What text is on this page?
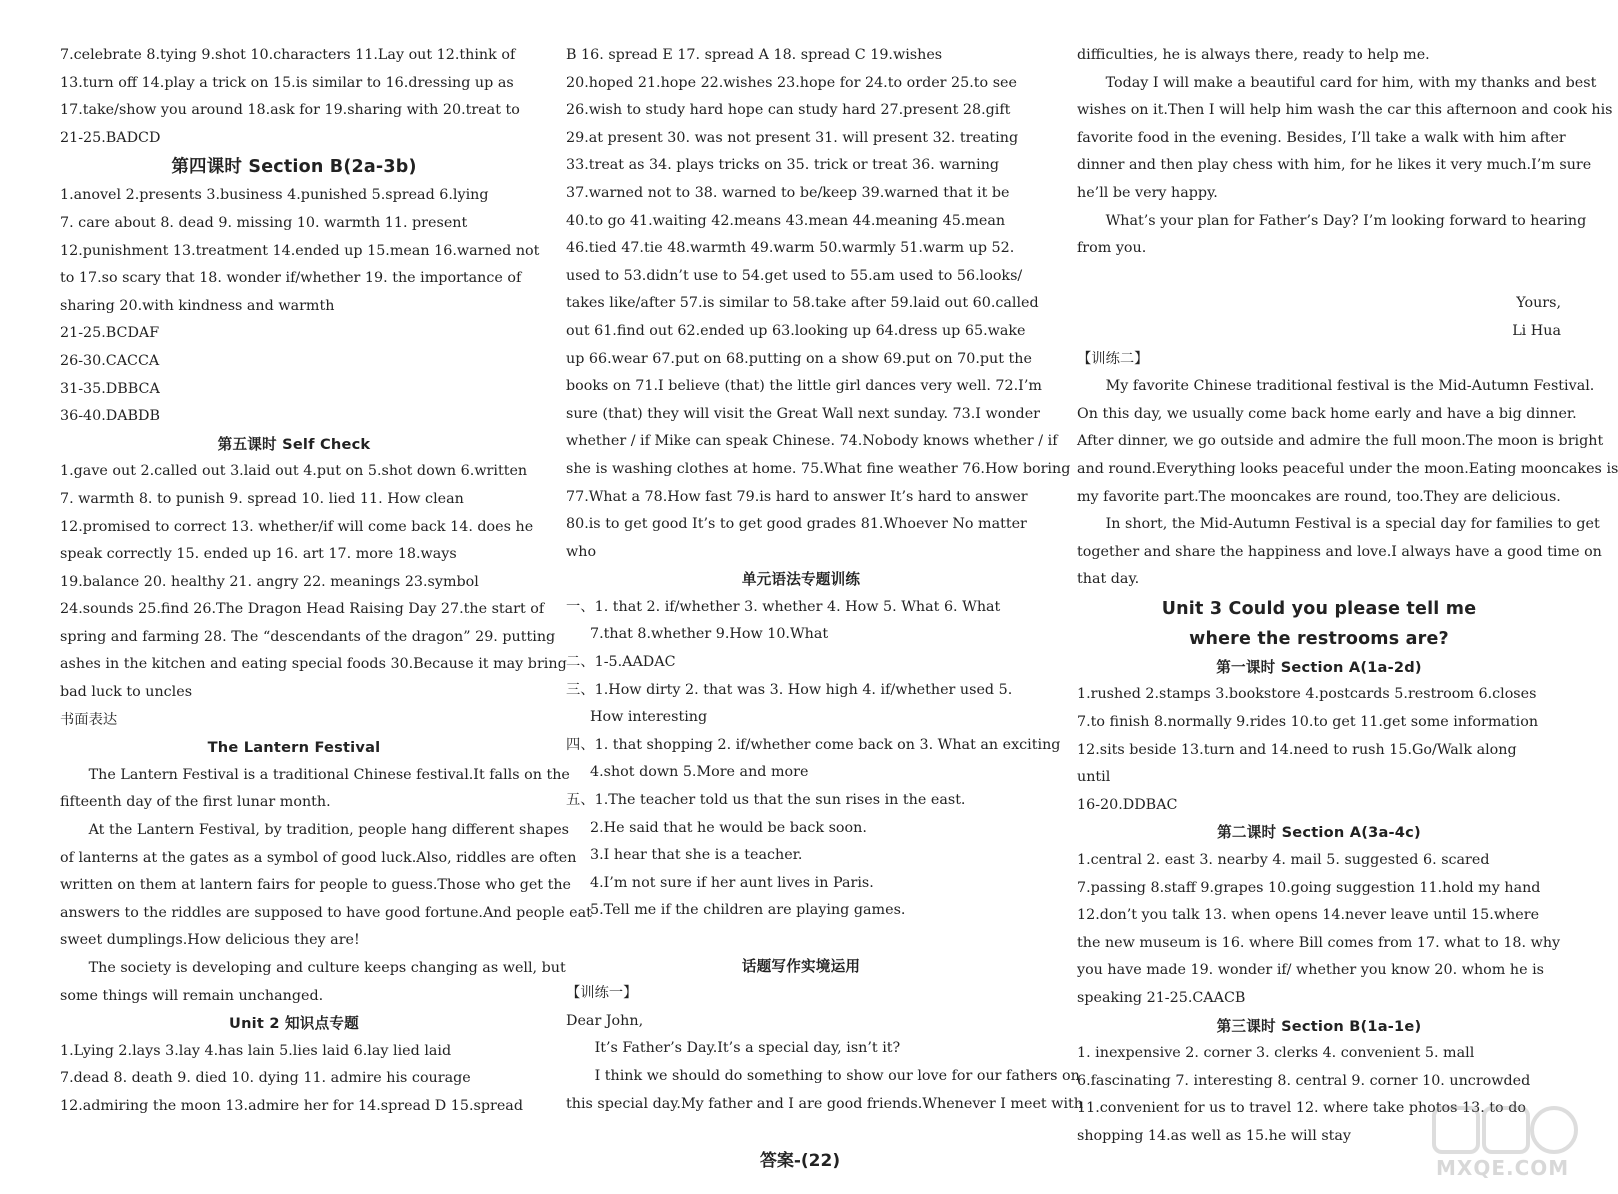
7.celebrate 8.tying 9.shot 10.characters 11.Lay out 12.think of
13.turn off 14.play a trick on 15.is similar to 16.dressing up as
17.take/show you around 18.ask for 19.sharing with 20.treat to
21-25.BADCD
第四课时 Section B(2a-3b)
1.anovel 2.presents 3.business 4.punished 5.spread 6.lying
7. care about 8. dead 9. missing 10. warmth 11. present
12.punishment 13.treatment 14.ended up 15.mean 16.warned not
to 17.so scary that 18. wonder if/whether 19. the importance of
sharing 20.with kindness and warmth
21-25.BCDAF
26-30.CACCA
31-35.DBBCA
36-40.DABDB
第五课时 Self Check
1.gave out 2.called out 3.laid out 4.put on 5.shot down 6.written
7. warmth 8. to punish 9. spread 10. lied 11. How clean
12.promised to correct 13. whether/if will come back 14. does he
speak correctly 15. ended up 16. art 17. more 18.ways
19.balance 20. healthy 21. angry 22. meanings 23.symbol
24.sounds 25.find 26.The Dragon Head Raising Day 27.the start of
spring and farming 28. The “descendants of the dragon” 29. putting
ashes in the kitchen and eating special foods 30.Because it may bring
bad luck to uncles
书面表达
The Lantern Festival
The Lantern Festival is a traditional Chinese festival.It falls on the
fifteenth day of the first lunar month.
At the Lantern Festival, by tradition, people hang different shapes
of lanterns at the gates as a symbol of good luck.Also, riddles are often
written on them at lantern fairs for people to guess.Those who get the
answers to the riddles are supposed to have good fortune.And people eat
sweet dumplings.How delicious they are!
The society is developing and culture keeps changing as well, but
some things will remain unchanged.
Unit 2 知识点专题
1.Lying 2.lays 3.lay 4.has lain 5.lies laid 6.lay lied laid
7.dead 8. death 9. died 10. dying 11. admire his courage
12.admiring the moon 13.admire her for 14.spread D 15.spread
B 16. spread E 17. spread A 18. spread C 19.wishes
20.hoped 21.hope 22.wishes 23.hope for 24.to order 25.to see
26.wish to study hard hope can study hard 27.present 28.gift
29.at present 30. was not present 31. will present 32. treating
33.treat as 34. plays tricks on 35. trick or treat 36. warning
37.warned not to 38. warned to be/keep 39.warned that it be
40.to go 41.waiting 42.means 43.mean 44.meaning 45.mean
46.tied 47.tie 48.warmth 49.warm 50.warmly 51.warm up 52.
used to 53.didn’t use to 54.get used to 55.am used to 56.looks/
takes like/after 57.is similar to 58.take after 59.laid out 60.called
out 61.find out 62.ended up 63.looking up 64.dress up 65.wake
up 66.wear 67.put on 68.putting on a show 69.put on 70.put the
books on 71.I believe (that) the little girl dances very well. 72.I’m
sure (that) they will visit the Great Wall next sunday. 73.I wonder
whether / if Mike can speak Chinese. 74.Nobody knows whether / if
she is washing clothes at home. 75.What fine weather 76.How boring
77.What a 78.How fast 79.is hard to answer It’s hard to answer
80.is to get good It’s to get good grades 81.Whoever No matter
who
单元语法专题训练
一、1. that 2. if/whether 3. whether 4. How 5. What 6. What
7.that 8.whether 9.How 10.What
二、1-5.AADAC
三、1.How dirty 2. that was 3. How high 4. if/whether used 5.
How interesting
四、1. that shopping 2. if/whether come back on 3. What an exciting
4.shot down 5.More and more
五、1.The teacher told us that the sun rises in the east.
2.He said that he would be back soon.
3.I hear that she is a teacher.
4.I’m not sure if her aunt lives in Paris.
5.Tell me if the children are playing games.
话题写作实境运用
【训练一】
Dear John,
It’s Father’s Day.It’s a special day, isn’t it?
I think we should do something to show our love for our fathers on
this special day.My father and I are good friends.Whenever I meet with
difficulties, he is always there, ready to help me.
Today I will make a beautiful card for him, with my thanks and best
wishes on it.Then I will help him wash the car this afternoon and cook his
favorite food in the evening. Besides, I’ll take a walk with him after
dinner and then play chess with him, for he likes it very much.I’m sure
he’ll be very happy.
What’s your plan for Father’s Day? I’m looking forward to hearing
from you.
Yours,
Li Hua
【训练二】
My favorite Chinese traditional festival is the Mid-Autumn Festival.
On this day, we usually come back home early and have a big dinner.
After dinner, we go outside and admire the full moon.The moon is bright
and round.Everything looks peaceful under the moon.Eating mooncakes is
my favorite part.The mooncakes are round, too.They are delicious.
In short, the Mid-Autumn Festival is a special day for families to get
together and share the happiness and love.I always have a good time on
that day.
Unit 3 Could you please tell me
where the restrooms are?
第一课时 Section A(1a-2d)
1.rushed 2.stamps 3.bookstore 4.postcards 5.restroom 6.closes
7.to finish 8.normally 9.rides 10.to get 11.get some information
12.sits beside 13.turn and 14.need to rush 15.Go/Walk along
until
16-20.DDBAC
第二课时 Section A(3a-4c)
1.central 2. east 3. nearby 4. mail 5. suggested 6. scared
7.passing 8.staff 9.grapes 10.going suggestion 11.hold my hand
12.don’t you talk 13. when opens 14.never leave until 15.where
the new museum is 16. where Bill comes from 17. what to 18. why
you have made 19. wonder if/ whether you know 20. whom he is
speaking 21-25.CAACB
第三课时 Section B(1a-1e)
1. inexpensive 2. corner 3. clerks 4. convenient 5. mall
6.fascinating 7. interesting 8. central 9. corner 10. uncrowded
11.convenient for us to travel 12. where take photos 13. to do
shopping 14.as well as 15.he will stay
答案-(22)	MXQE.COM
